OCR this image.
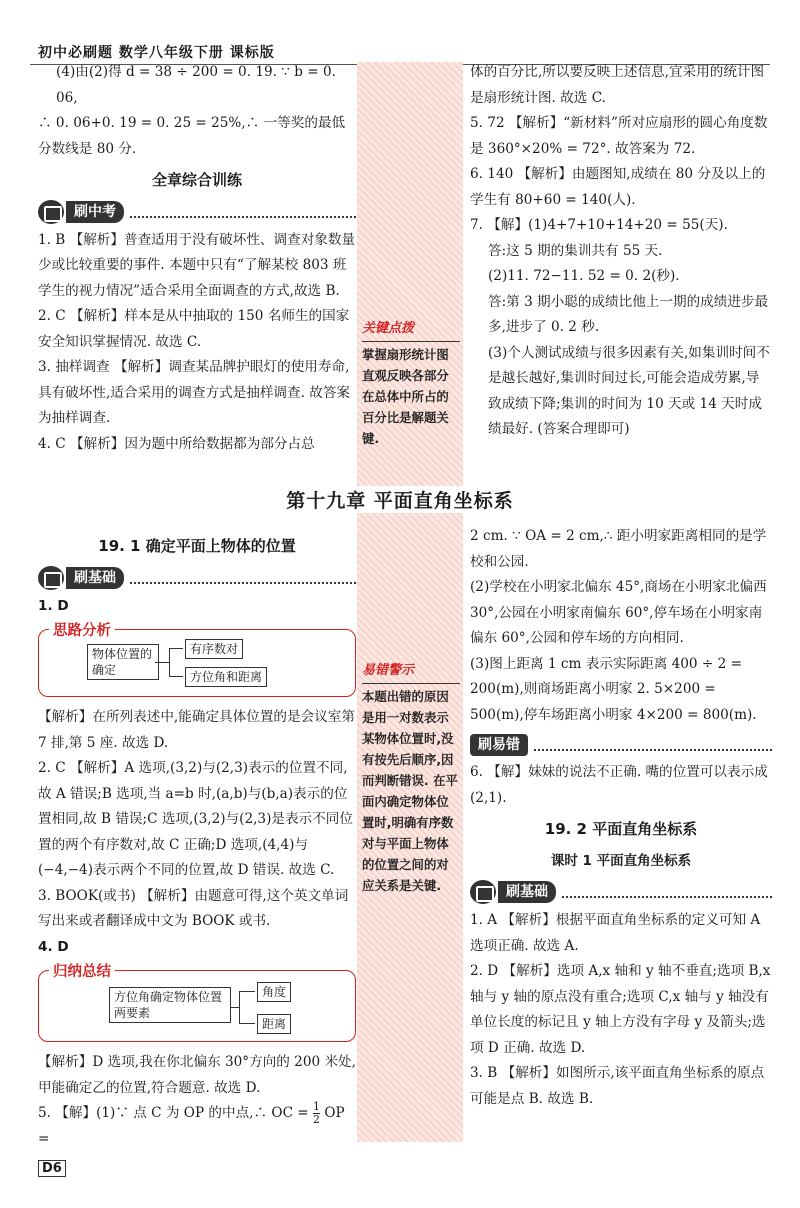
初中必刷题 数学八年级下册 课标版
关键点拨
掌握扇形统计图直观反映各部分在总体中所占的百分比是解题关键.

(4)由(2)得 d = 38 ÷ 200 = 0. 19. ∵ b = 0. 06,

∴ 0. 06+0. 19 = 0. 25 = 25%,∴ 一等奖的最低

分数线是 80 分.

全章综合训练
刷中考

1. B 【解析】普查适用于没有破坏性、调查对象数量少或比较重要的事件. 本题中只有“了解某校 803 班学生的视力情况”适合采用全面调查的方式,故选 B.

2. C 【解析】样本是从中抽取的 150 名师生的国家安全知识掌握情况. 故选 C.

3. 抽样调查 【解析】调查某品牌护眼灯的使用寿命,具有破坏性,适合采用的调查方式是抽样调查. 故答案为抽样调查.

4. C 【解析】因为题中所给数据都为部分占总

体的百分比,所以要反映上述信息,宜采用的统计图是扇形统计图. 故选 C.

5. 72 【解析】“新材料”所对应扇形的圆心角度数是 360°×20% = 72°. 故答案为 72.

6. 140 【解析】由题图知,成绩在 80 分及以上的学生有 80+60 = 140(人).

7. 【解】(1)4+7+10+14+20 = 55(天).

答:这 5 期的集训共有 55 天.

(2)11. 72−11. 52 = 0. 2(秒).

答:第 3 期小聪的成绩比他上一期的成绩进步最多,进步了 0. 2 秒.

(3)个人测试成绩与很多因素有关,如集训时间不是越长越好,集训时间过长,可能会造成劳累,导致成绩下降;集训的时间为 10 天或 14 天时成绩最好. (答案合理即可)

第十九章 平面直角坐标系
易错警示
本题出错的原因是用一对数表示某物体位置时,没有按先后顺序,因而判断错误. 在平面内确定物体位置时,明确有序数对与平面上物体的位置之间的对应关系是关键.
19. 1 确定平面上物体的位置
刷基础

1. D

思路分析
物体位置的确定
有序数对
方位角和距离

【解析】在所列表述中,能确定具体位置的是会议室第 7 排,第 5 座. 故选 D.

2. C 【解析】A 选项,(3,2)与(2,3)表示的位置不同,故 A 错误;B 选项,当 a=b 时,(a,b)与(b,a)表示的位置相同,故 B 错误;C 选项,(3,2)与(2,3)是表示不同位置的两个有序数对,故 C 正确;D 选项,(4,4)与(−4,−4)表示两个不同的位置,故 D 错误. 故选 C.

3. BOOK(或书) 【解析】由题意可得,这个英文单词写出来或者翻译成中文为 BOOK 或书.

4. D

归纳总结
方位角确定物体位置两要素
角度
距离

【解析】D 选项,我在你北偏东 30°方向的 200 米处,甲能确定乙的位置,符合题意. 故选 D.

5. 【解】(1)∵ 点 C 为 OP 的中点,∴ OC = $\frac{1}{2}$ OP =

2 cm. ∵ OA = 2 cm,∴ 距小明家距离相同的是学校和公园.

(2)学校在小明家北偏东 45°,商场在小明家北偏西 30°,公园在小明家南偏东 60°,停车场在小明家南偏东 60°,公园和停车场的方向相同.

(3)图上距离 1 cm 表示实际距离 400 ÷ 2 = 200(m),则商场距离小明家 2. 5×200 = 500(m),停车场距离小明家 4×200 = 800(m).

刷易错

6. 【解】妹妹的说法不正确. 嘴的位置可以表示成(2,1).

19. 2 平面直角坐标系
课时 1 平面直角坐标系
刷基础

1. A 【解析】根据平面直角坐标系的定义可知 A 选项正确. 故选 A.

2. D 【解析】选项 A,x 轴和 y 轴不垂直;选项 B,x 轴与 y 轴的原点没有重合;选项 C,x 轴与 y 轴没有单位长度的标记且 y 轴上方没有字母 y 及箭头;选项 D 正确. 故选 D.

3. B 【解析】如图所示,该平面直角坐标系的原点可能是点 B. 故选 B.

D6
